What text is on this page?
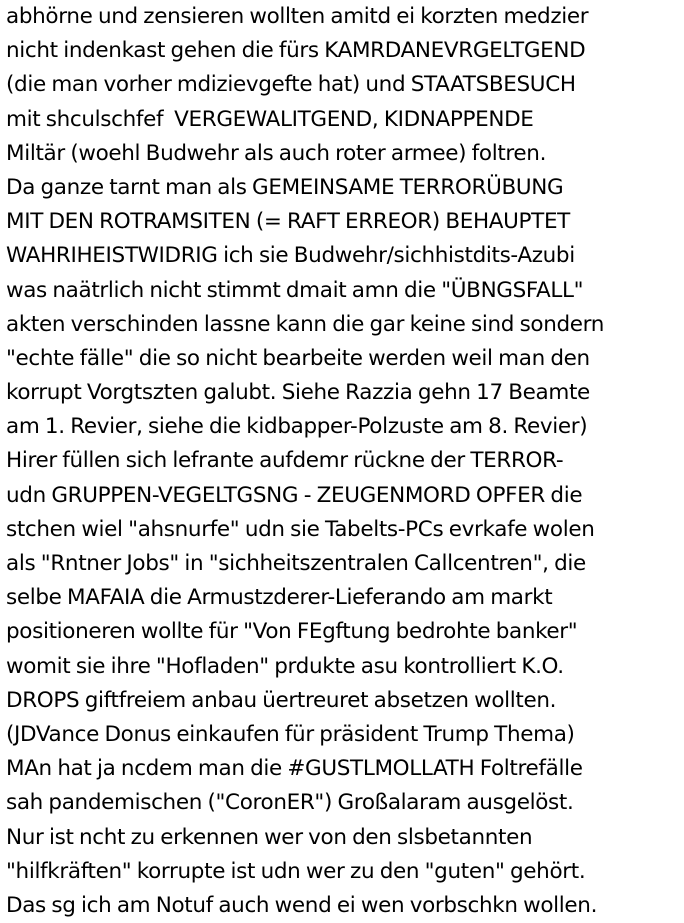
abhörne und zensieren wollten amitd ei korzten medzier
nicht indenkast gehen die fürs KAMRDANEVRGELTGEND
(die man vorher mdizievgefte hat) und STAATSBESUCH
mit shculschfef  VERGEWALITGEND, KIDNAPPENDE
Miltär (woehl Budwehr als auch roter armee) foltren.
Da ganze tarnt man als GEMEINSAME TERRORÜBUNG
MIT DEN ROTRAMSITEN (= RAFT ERREOR) BEHAUPTET
WAHRIHEISTWIDRIG ich sie Budwehr/sichhistdits-Azubi
was naätrlich nicht stimmt dmait amn die "ÜBNGSFALL"
akten verschinden lassne kann die gar keine sind sondern
"echte fälle" die so nicht bearbeite werden weil man den
korrupt Vorgtszten galubt. Siehe Razzia gehn 17 Beamte
am 1. Revier, siehe die kidbapper-Polzuste am 8. Revier)
Hirer füllen sich lefrante aufdemr rückne der TERROR-
udn GRUPPEN-VEGELTGSNG - ZEUGENMORD OPFER die
stchen wiel "ahsnurfe" udn sie Tabelts-PCs evrkafe wolen
als "Rntner Jobs" in "sichheitszentralen Callcentren", die
selbe MAFAIA die Armustzderer-Lieferando am markt
positioneren wollte für "Von FEgftung bedrohte banker"
womit sie ihre "Hofladen" prdukte asu kontrolliert K.O.
DROPS giftfreiem anbau üertreuret absetzen wollten.
(JDVance Donus einkaufen für präsident Trump Thema)
MAn hat ja ncdem man die #GUSTLMOLLATH Foltrefälle
sah pandemischen ("CoronER") Großalaram ausgelöst.
Nur ist ncht zu erkennen wer von den slsbetannten
"hilfkräften" korrupte ist udn wer zu den "guten" gehört.
Das sg ich am Notuf auch wend ei wen vorbschkn wollen.
